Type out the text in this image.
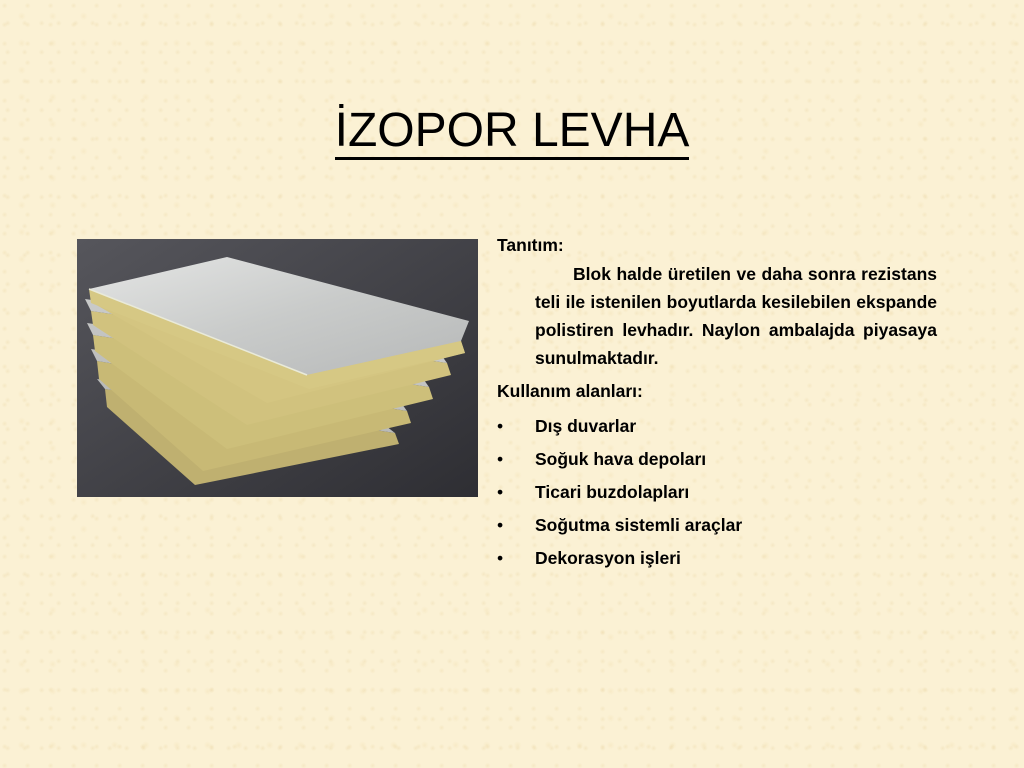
İZOPOR LEVHA

Tanıtım:

Blok halde üretilen ve daha sonra rezistans teli ile istenilen boyutlarda kesilebilen ekspande polistiren levhadır. Naylon ambalajda piyasaya sunulmaktadır.

Kullanım alanları:

• Dış duvarlar
• Soğuk hava depoları
• Ticari buzdolapları
• Soğutma sistemli araçlar
• Dekorasyon işleri
